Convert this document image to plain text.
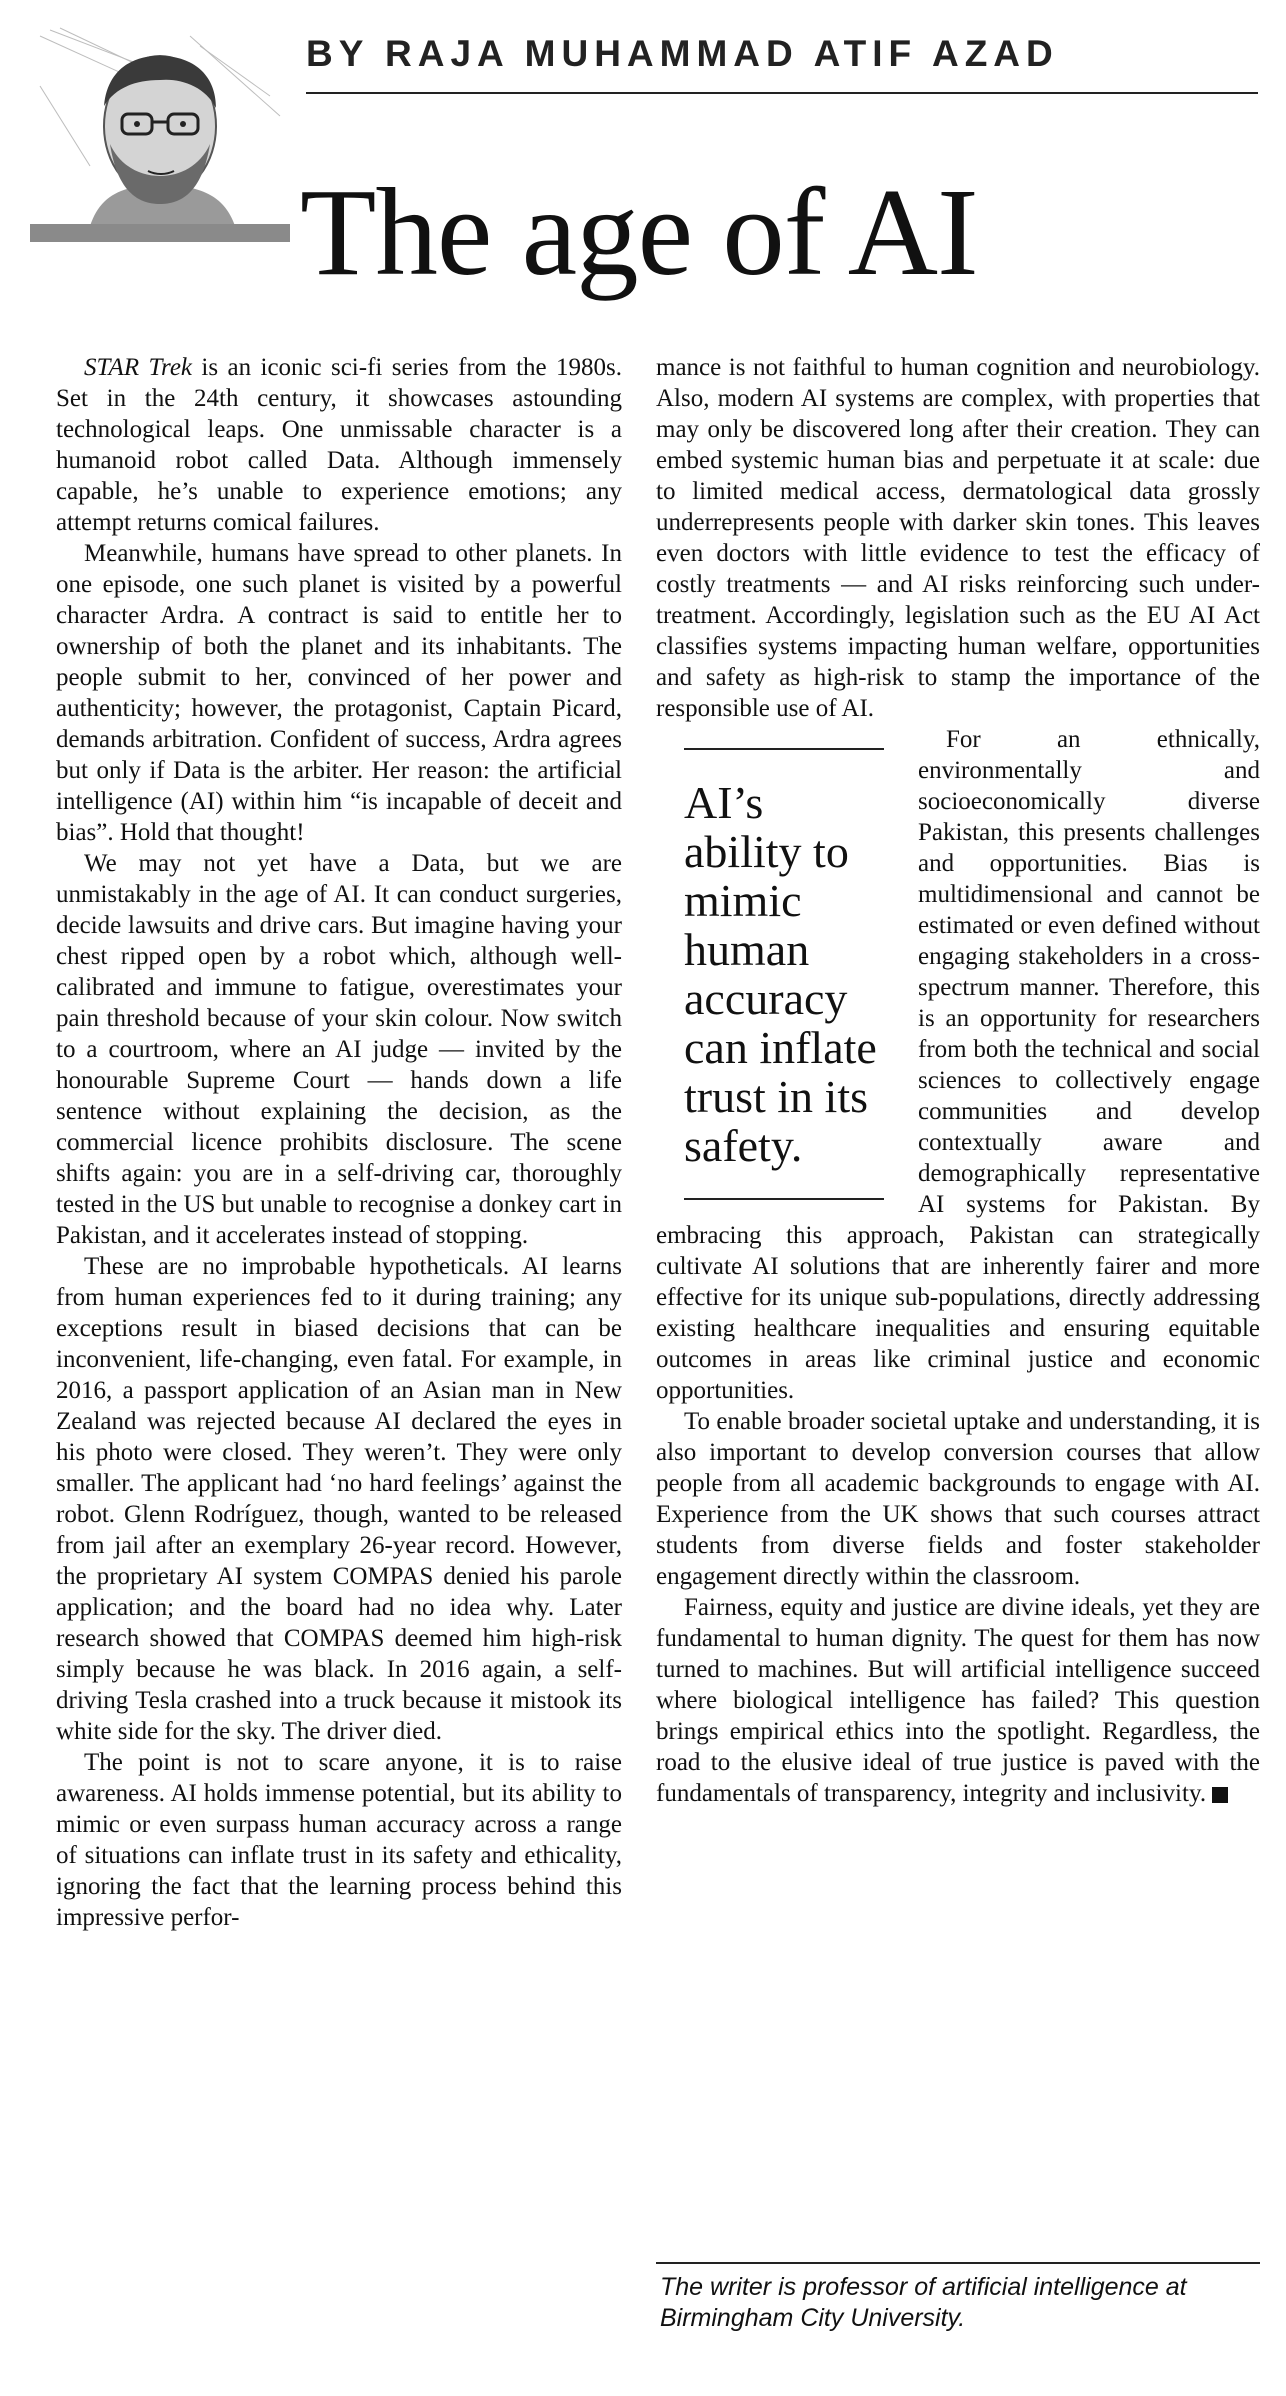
BY RAJA MUHAMMAD ATIF AZAD
The age of AI

STAR Trek is an iconic sci-fi series from the 1980s. Set in the 24th century, it showcases astounding technological leaps. One unmissable character is a humanoid robot called Data. Although immensely capable, he’s unable to experience emotions; any attempt returns comical failures.

Meanwhile, humans have spread to other planets. In one episode, one such planet is visited by a powerful character Ardra. A contract is said to entitle her to ownership of both the planet and its inhabitants. The people submit to her, convinced of her power and authenticity; however, the protagonist, Captain Picard, demands arbitration. Confident of success, Ardra agrees but only if Data is the arbiter. Her reason: the artificial intelligence (AI) within him “is incapable of deceit and bias”. Hold that thought!

We may not yet have a Data, but we are unmistakably in the age of AI. It can conduct surgeries, decide lawsuits and drive cars. But imagine having your chest ripped open by a robot which, although well-calibrated and immune to fatigue, overestimates your pain threshold because of your skin colour. Now switch to a courtroom, where an AI judge — invited by the honourable Supreme Court — hands down a life sentence without explaining the decision, as the commercial licence prohibits disclosure. The scene shifts again: you are in a self-driving car, thoroughly tested in the US but unable to recognise a donkey cart in Pakistan, and it accelerates instead of stopping.

These are no improbable hypotheticals. AI learns from human experiences fed to it during training; any exceptions result in biased decisions that can be inconvenient, life-changing, even fatal. For example, in 2016, a passport application of an Asian man in New Zealand was rejected because AI declared the eyes in his photo were closed. They weren’t. They were only smaller. The applicant had ‘no hard feelings’ against the robot. Glenn Rodríguez, though, wanted to be released from jail after an exemplary 26-year record. However, the proprietary AI system COMPAS denied his parole application; and the board had no idea why. Later research showed that COMPAS deemed him high-risk simply because he was black. In 2016 again, a self-driving Tesla crashed into a truck because it mistook its white side for the sky. The driver died.

The point is not to scare anyone, it is to raise awareness. AI holds immense potential, but its ability to mimic or even surpass human accuracy across a range of situations can inflate trust in its safety and ethicality, ignoring the fact that the learning process behind this impressive perfor-

mance is not faithful to human cognition and neurobiology. Also, modern AI systems are complex, with properties that may only be discovered long after their creation. They can embed systemic human bias and perpetuate it at scale: due to limited medical access, dermatological data grossly underrepresents people with darker skin tones. This leaves even doctors with little evidence to test the efficacy of costly treatments — and AI risks reinforcing such under-treatment. Accordingly, legislation such as the EU AI Act classifies systems impacting human welfare, opportunities and safety as high-risk to stamp the importance of the responsible use of AI.

AI’s ability to mimic human accuracy can inflate trust in its safety.

For an ethnically, environmentally and socioeconomically diverse Pakistan, this presents challenges and opportunities. Bias is multidimensional and cannot be estimated or even defined without engaging stakeholders in a cross-spectrum manner. Therefore, this is an opportunity for researchers from both the technical and social sciences to collectively engage communities and develop contextually aware and demographically representative AI systems for Pakistan. By embracing this approach, Pakistan can strategically cultivate AI solutions that are inherently fairer and more effective for its unique sub-populations, directly addressing existing healthcare inequalities and ensuring equitable outcomes in areas like criminal justice and economic opportunities.

To enable broader societal uptake and understanding, it is also important to develop conversion courses that allow people from all academic backgrounds to engage with AI. Experience from the UK shows that such courses attract students from diverse fields and foster stakeholder engagement directly within the classroom.

Fairness, equity and justice are divine ideals, yet they are fundamental to human dignity. The quest for them has now turned to machines. But will artificial intelligence succeed where biological intelligence has failed? This question brings empirical ethics into the spotlight. Regardless, the road to the elusive ideal of true justice is paved with the fundamentals of transparency, integrity and inclusivity.

The writer is professor of artificial intelligence at Birmingham City University.
